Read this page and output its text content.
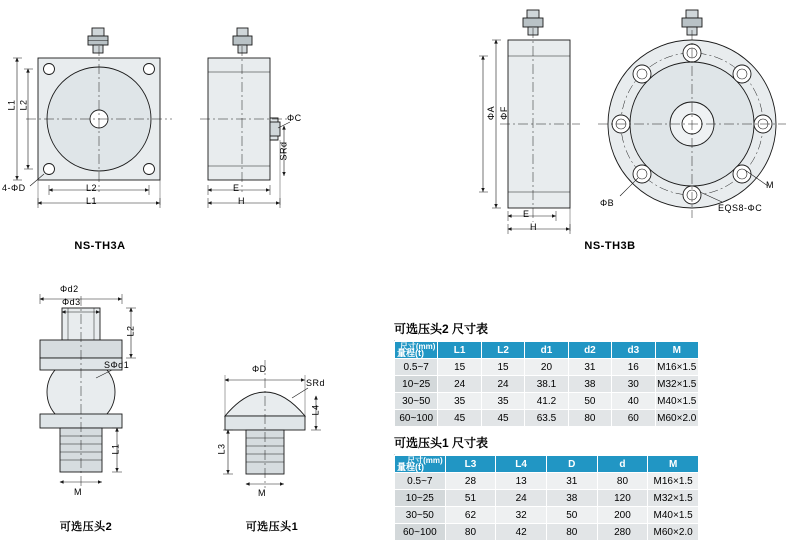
L1 L2
L2
L1
4-ΦD	E
H
ΦC
SRd
NS-TH3A
ΦA ΦF
E
H
ΦB
M
EQS8-ΦC
NS-TH3B
Φd2
Φd3
L2
L1
SΦd1
M
可选压头2
ΦD
SRd
L4
L3
M
可选压头1
可选压头2 尺寸表
尺寸(mm)
量程(t)	L1	L2	d1	d2	d3	M
0.5~7	15	15	20	31	16	M16×1.5
10~25	24	24	38.1	38	30	M32×1.5
30~50	35	35	41.2	50	40	M40×1.5
60~100	45	45	63.5	80	60	M60×2.0
可选压头1 尺寸表
尺寸(mm)
量程(t)	L3	L4	D	d	M
0.5~7	28	13	31	80	M16×1.5
10~25	51	24	38	120	M32×1.5
30~50	62	32	50	200	M40×1.5
60~100	80	42	80	280	M60×2.0
